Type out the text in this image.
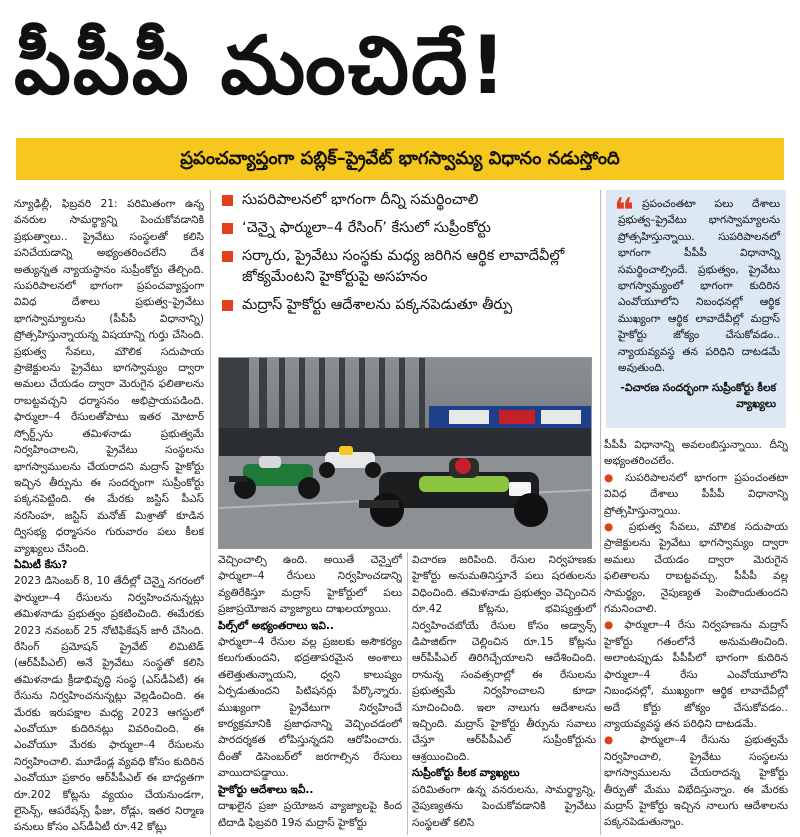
పీపీపీ మంచిదే!
ప్రపంచవ్యాప్తంగా పబ్లిక్‌–ప్రైవేట్‌ భాగస్వామ్య విధానం నడుస్తోంది

న్యూఢిల్లీ, ఫిబ్రవరి 21: పరిమితంగా ఉన్న వనరుల సామర్థ్యాన్ని పెంచుకోవడానికి ప్రభుత్వాలు.. ప్రైవేటు సంస్థలతో కలిసి పనిచేయడాన్ని అభ్యంతరించలేని దేశ అత్యున్నత న్యాయస్థానం సుప్రీంకోర్టు తేల్చింది. సుపరిపాలనలో భాగంగా ప్రపంచవ్యాప్తంగా వివిధ దేశాలు ప్రభుత్వ–ప్రైవేటు భాగస్వామ్యాలను (పీపీపీ విధానాన్ని) ప్రోత్సహిస్తున్నాయన్న విషయాన్ని గుర్తు చేసింది. ప్రభుత్వ సేవలు, మౌలిక సదుపాయ ప్రాజెక్టులను ప్రైవేటు భాగస్వామ్యం ద్వారా అమలు చేయడం ద్వారా మెరుగైన ఫలితాలను రాబట్టవచ్చని ధర్మాసనం అభిప్రాయపడింది. ఫార్ములా–4 రేసులతోపాటు ఇతర మోటార్‌ స్పోర్ట్స్‌ను తమిళనాడు ప్రభుత్వమే నిర్వహించాలని, ప్రైవేటు సంస్థలను భాగస్వాములను చేయరాదని మద్రాస్‌ హైకోర్టు ఇచ్చిన తీర్పును ఈ సందర్భంగా సుప్రీంకోర్టు పక్కనపెట్టింది. ఈ మేరకు జస్టిస్‌ పీఎస్‌ నరసింహ, జస్టిస్‌ మనోజ్‌ మిశ్రాతో కూడిన ద్విసభ్య ధర్మాసనం గురువారం పలు కీలక వ్యాఖ్యలు చేసింది.

ఏమిటీ కేసు?

2023 డిసెంబర్‌ 8, 10 తేదీల్లో చెన్నై నగరంలో ఫార్ములా–4 రేసులను నిర్వహించనున్నట్లు తమిళనాడు ప్రభుత్వం ప్రకటించింది. ఈమేరకు 2023 నవంబర్‌ 25 నోటిఫికేషన్‌ జారీ చేసింది. రేసింగ్‌ ప్రమోషన్‌ ప్రైవేట్‌ లిమిటెడ్‌ (ఆర్‌పీపీఎల్‌) అనే ప్రైవేటు సంస్థతో కలిసి తమిళనాడు క్రీడాభివృద్ధి సంస్థ (ఎస్‌డీఏటీ) ఈ రేసును నిర్వహించనున్నట్లు వెల్లడించింది. ఈ మేరకు ఇరుపక్షాల మధ్య 2023 ఆగస్టులో ఎంవోయూ కుదిరినట్లు వివరించింది. ఈ ఎంవోయూ మేరకు ఫార్ములా–4 రేసులను నిర్వహించాలి. మూడేండ్ల వ్యవధి కోసం కుదిరిన ఎంవోయూ ప్రకారం ఆర్‌పీపీఎల్‌ ఈ బాధ్యతగా రూ.202 కోట్లను వ్యయం చేయనుండగా, లైసెన్స్‌, ఆపరేషన్స్‌ ఫీజు, రోడ్లు, ఇతర నిర్మాణ పనులు కోసం ఎస్‌డీఏటీ రూ.42 కోట్లు

సుపరిపాలనలో భాగంగా దీన్ని సమర్థించాలి
‘చెన్నై ఫార్ములా–4 రేసింగ్‌’ కేసులో సుప్రీంకోర్టు
సర్కారు, ప్రైవేటు సంస్థకు మధ్య జరిగిన ఆర్థిక లావాదేవీల్లో జోక్యమేంటని హైకోర్టుపై అసహనం
మద్రాస్‌ హైకోర్టు ఆదేశాలను పక్కనపెడుతూ తీర్పు

వెచ్చించాల్సి ఉంది. అయితే చెన్నైలో ఫార్ములా–4 రేసులు నిర్వహించడాన్ని వ్యతిరేకిస్తూ మద్రాస్‌ హైకోర్టులో పలు ప్రజాప్రయోజన వ్యాజ్యాలు దాఖలయ్యాయి.

పిల్స్‌లో అభ్యంతరాలు ఇవి..

ఫార్ములా–4 రేసుల వల్ల ప్రజలకు అసౌకర్యం కలుగుతుందని, భద్రతాపరమైన అంశాలు తలెత్తుతున్నాయని, ధ్వని కాలుష్యం ఏర్పడుతుందని పిటిషనర్లు పేర్కొన్నారు. ముఖ్యంగా ప్రైవేటుగా నిర్వహించే కార్యక్రమానికి ప్రజాధనాన్ని వెచ్చించడంలో పారదర్శకత లోపిస్తున్నదని ఆరోపించారు. దీంతో డిసెంబర్‌లో జరగాల్సిన రేసులు వాయిదాపడ్డాయి.

హైకోర్టు ఆదేశాలు ఇవీ..

దాఖలైన ప్రజా ప్రయోజన వ్యాజ్యాలపై కింద టిదాడి ఫిబ్రవరి 19న మద్రాస్‌ హైకోర్టు

విచారణ జరిపింది. రేసుల నిర్వహణకు హైకోర్టు అనుమతినిస్తూనే పలు షరతులను విధించింది. తమిళనాడు ప్రభుత్వం వెచ్చించిన రూ.42 కోట్లను, భవిష్యత్తులో నిర్వహించబోయే రేసుల కోసం అడ్వాన్స్‌ డిపాజిట్‌గా చెల్లించిన రూ.15 కోట్లను ఆర్‌పీపీఎల్‌ తిరిగిచ్చేయాలని ఆదేశించింది. రానున్న సంవత్సరాల్లో ఈ రేసులను ప్రభుత్వమే నిర్వహించాలని కూడా సూచించింది. ఇలా నాలుగు ఆదేశాలను ఇచ్చింది. మద్రాస్‌ హైకోర్టు తీర్పును సవాలు చేస్తూ ఆర్‌పీపీఎల్‌ సుప్రీంకోర్టును ఆశ్రయించింది.

సుప్రీంకోర్టు కీలక వ్యాఖ్యలు

పరిమితంగా ఉన్న వనరులను, సామర్థ్యాన్ని, నైపుణ్యతను పెంచుకోవడానికి ప్రైవేటు సంస్థలతో కలిసి

❝ ప్రపంచంతటా పలు దేశాలు ప్రభుత్వ–ప్రైవేటు భాగస్వామ్యాలను ప్రోత్సహిస్తున్నాయి. సుపరిపాలనలో భాగంగా పీపీపీ విధానాన్ని సమర్థించాల్సిందే. ప్రభుత్వం, ప్రైవేటు భాగస్వామ్యంలో భాగంగా కుదిరిన ఎంవోయూలోని నిబంధనల్లో ఆర్థిక ముఖ్యంగా ఆర్థిక లావాదేవీల్లో మద్రాస్‌ హైకోర్టు జోక్యం చేసుకోవడం.. న్యాయవ్యవస్థ తన పరిధిని దాటడమే అవుతుంది.
-విచారణ సందర్భంగా సుప్రీంకోర్టు కీలక వ్యాఖ్యలు

పీపీపీ విధానాన్ని అవలంబిస్తున్నాయి. దీన్ని అభ్యంతరించలేం.

● సుపరిపాలనలో భాగంగా ప్రపంచంతటా వివిధ దేశాలు పీపీపీ విధానాన్ని ప్రోత్సహిస్తున్నాయి.

● ప్రభుత్వ సేవలు, మౌలిక సదుపాయ ప్రాజెక్టులను ప్రైవేటు భాగస్వామ్యం ద్వారా అమలు చేయడం ద్వారా మెరుగైన ఫలితాలను రాబట్టవచ్చు. పీపీపీ వల్ల సామర్థ్యం, నైపుణ్యత పెంపొందుతుందని గమనించాలి.

● ఫార్ములా–4 రేసు నిర్వహణను మద్రాస్‌ హైకోర్టు గతంలోనే అనుమతించింది. అలాంటప్పుడు పీపీపీలో భాగంగా కుదిరిన ఫార్ములా–4 రేసు ఎంవోయూలోని నిబంధనల్లో, ముఖ్యంగా ఆర్థిక లావాదేవీల్లో అదే కోర్టు జోక్యం చేసుకోవడం.. న్యాయవ్యవస్థ తన పరిధిని దాటడమే.

● ఫార్ములా–4 రేసును ప్రభుత్వమే నిర్వహించాలి, ప్రైవేటు సంస్థలను భాగస్వాములను చేయరాదన్న హైకోర్టు తీర్పుతో మేము విభేదిస్తున్నాం. ఈ మేరకు మద్రాస్‌ హైకోర్టు ఇచ్చిన నాలుగు ఆదేశాలను పక్కనపెడుతున్నాం.
